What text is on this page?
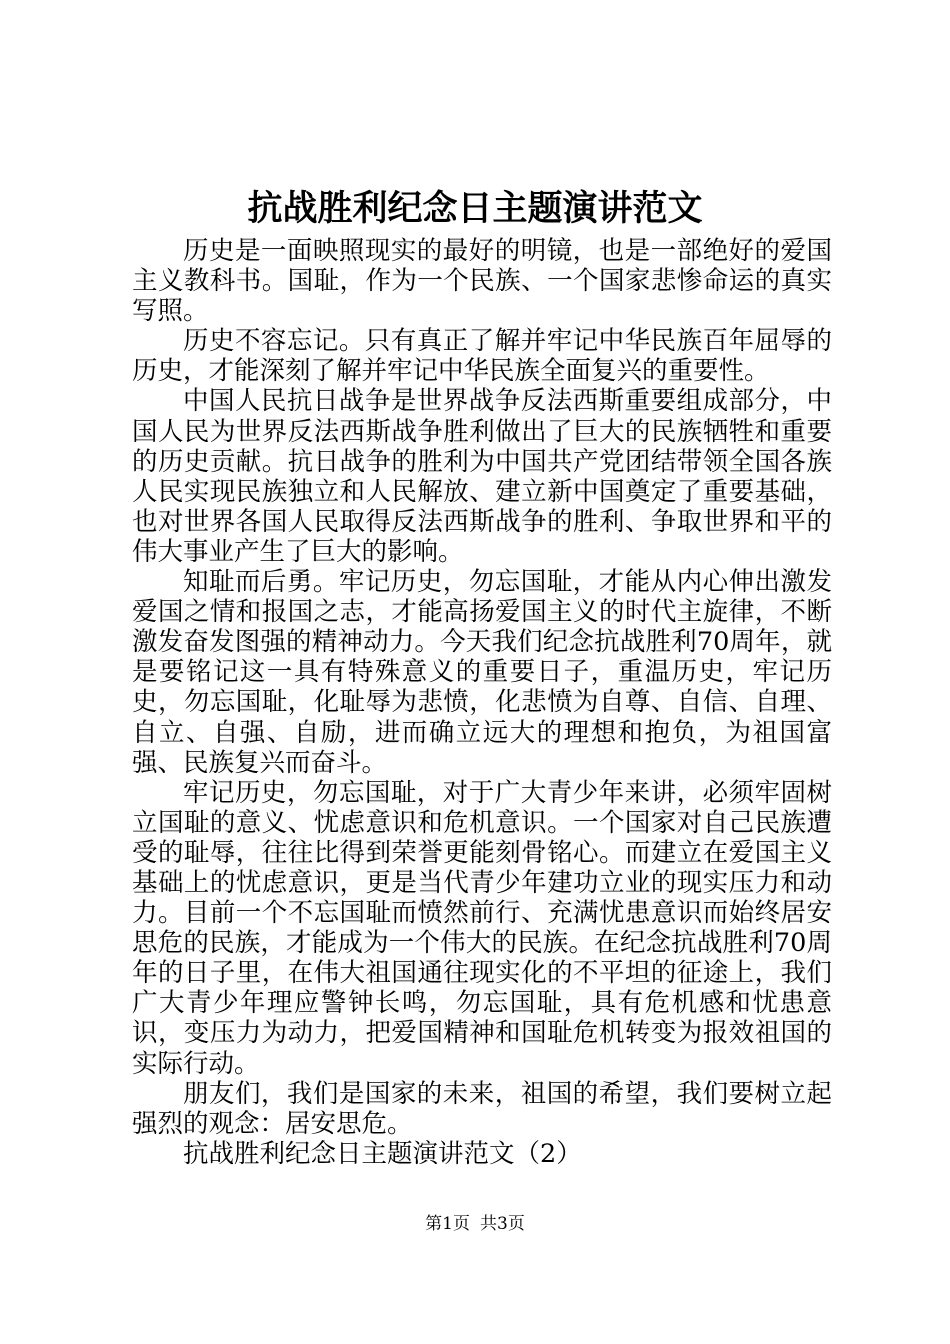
抗战胜利纪念日主题演讲范文

历史是一面映照现实的最好的明镜，也是一部绝好的爱国主义教科书。国耻，作为一个民族、一个国家悲惨命运的真实写照。

历史不容忘记。只有真正了解并牢记中华民族百年屈辱的历史，才能深刻了解并牢记中华民族全面复兴的重要性。

中国人民抗日战争是世界战争反法西斯重要组成部分，中国人民为世界反法西斯战争胜利做出了巨大的民族牺牲和重要的历史贡献。抗日战争的胜利为中国共产党团结带领全国各族人民实现民族独立和人民解放、建立新中国奠定了重要基础，也对世界各国人民取得反法西斯战争的胜利、争取世界和平的伟大事业产生了巨大的影响。

知耻而后勇。牢记历史，勿忘国耻，才能从内心伸出激发爱国之情和报国之志，才能高扬爱国主义的时代主旋律，不断激发奋发图强的精神动力。今天我们纪念抗战胜利70周年，就是要铭记这一具有特殊意义的重要日子，重温历史，牢记历史，勿忘国耻，化耻辱为悲愤，化悲愤为自尊、自信、自理、自立、自强、自励，进而确立远大的理想和抱负，为祖国富强、民族复兴而奋斗。

牢记历史，勿忘国耻，对于广大青少年来讲，必须牢固树立国耻的意义、忧虑意识和危机意识。一个国家对自己民族遭受的耻辱，往往比得到荣誉更能刻骨铭心。而建立在爱国主义基础上的忧虑意识，更是当代青少年建功立业的现实压力和动力。目前一个不忘国耻而愤然前行、充满忧患意识而始终居安思危的民族，才能成为一个伟大的民族。在纪念抗战胜利70周年的日子里，在伟大祖国通往现实化的不平坦的征途上，我们广大青少年理应警钟长鸣，勿忘国耻，具有危机感和忧患意识，变压力为动力，把爱国精神和国耻危机转变为报效祖国的实际行动。

朋友们，我们是国家的未来，祖国的希望，我们要树立起强烈的观念：居安思危。

抗战胜利纪念日主题演讲范文（2）

第1页 共3页
